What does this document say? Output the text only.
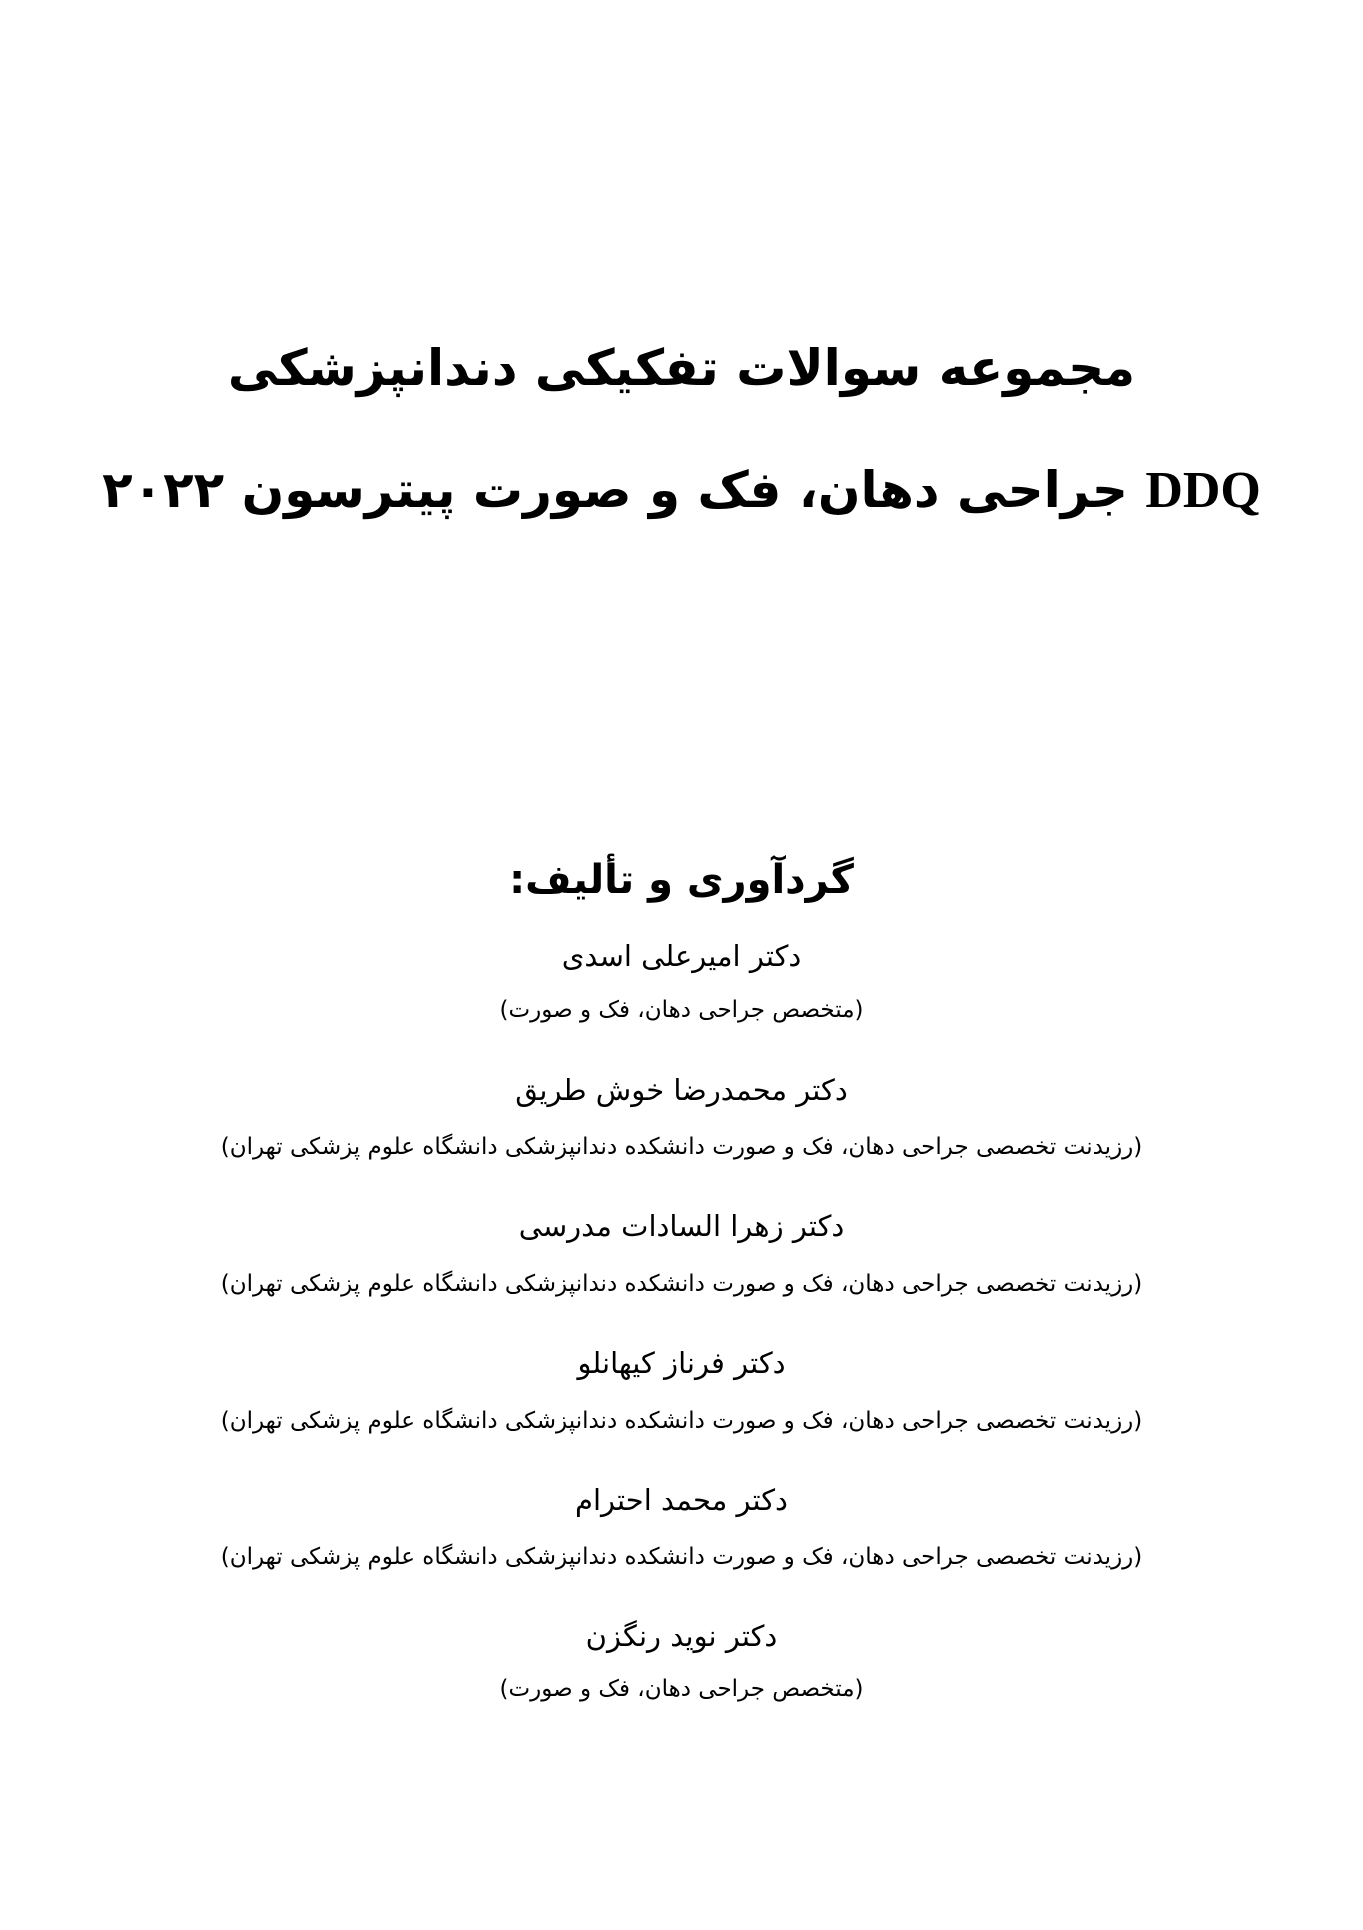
مجموعه سوالات تفکیکی دندانپزشکی
DDQ جراحی دهان، فک و صورت پیترسون ۲۰۲۲
گردآوری و تألیف:
دکتر امیرعلی اسدی
(متخصص جراحی دهان، فک و صورت)
دکتر محمدرضا خوش طریق
(رزیدنت تخصصی جراحی دهان، فک و صورت دانشکده دندانپزشکی دانشگاه علوم پزشکی تهران)
دکتر زهرا السادات مدرسی
(رزیدنت تخصصی جراحی دهان، فک و صورت دانشکده دندانپزشکی دانشگاه علوم پزشکی تهران)
دکتر فرناز کیهانلو
(رزیدنت تخصصی جراحی دهان، فک و صورت دانشکده دندانپزشکی دانشگاه علوم پزشکی تهران)
دکتر محمد احترام
(رزیدنت تخصصی جراحی دهان، فک و صورت دانشکده دندانپزشکی دانشگاه علوم پزشکی تهران)
دکتر نوید رنگزن
(متخصص جراحی دهان، فک و صورت)
